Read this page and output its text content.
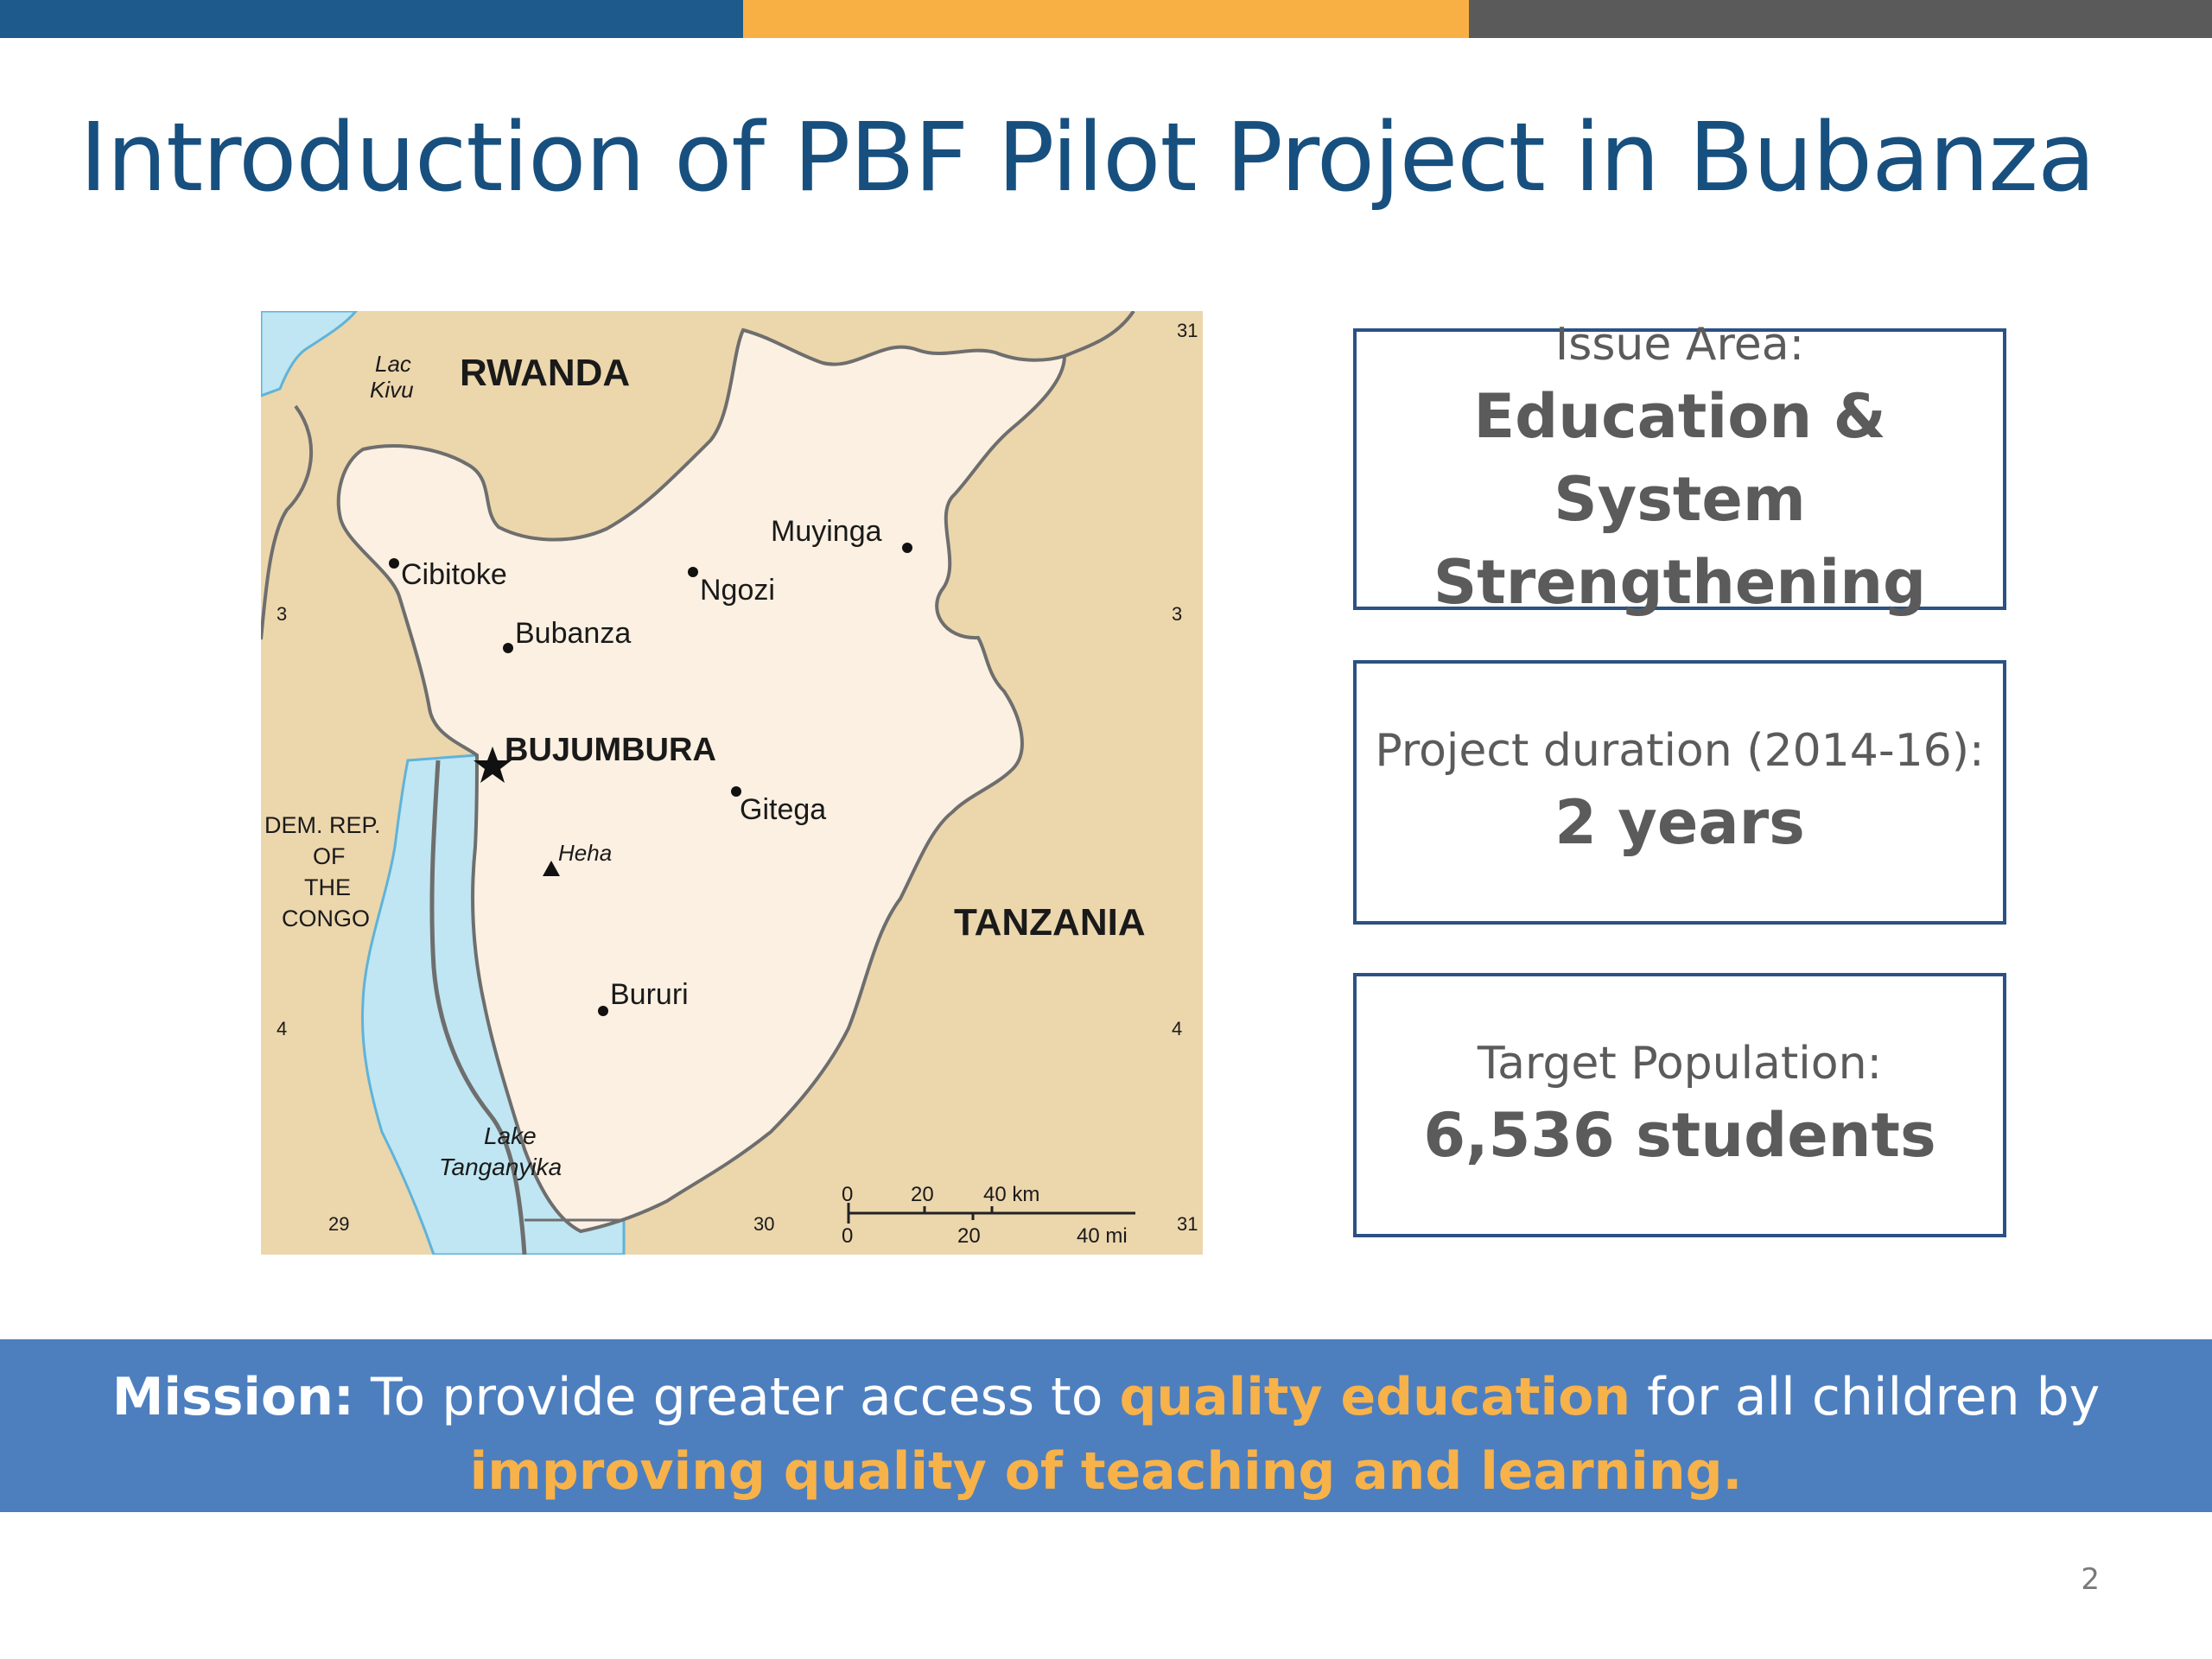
Introduction of PBF Pilot Project in Bubanza
RWANDA
TANZANIA
DEM. REP.
OF
THE
CONGO
Lac
Kivu
Lake
Tanganyika
BUJUMBURA
Cibitoke
Bubanza
Ngozi
Muyinga
Gitega
Bururi
Heha
29	30
31
31
3	3
4	4
0	20 40 km
0	20	40 mi
Issue Area:
Education & System
Strengthening
Project duration (2014-16):
2 years
Target Population:
6,536 students
Mission: To provide greater access to quality education for all children by
improving quality of teaching and learning.
2
